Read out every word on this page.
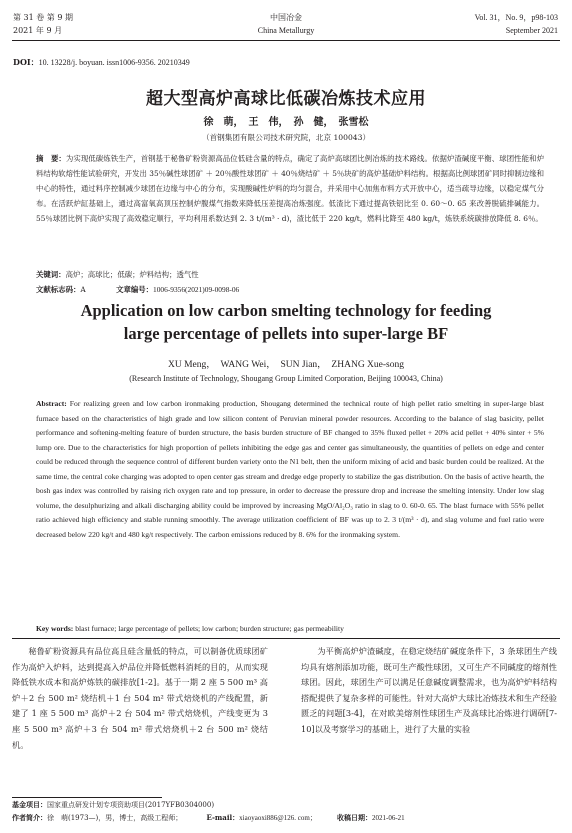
第 31 卷 第 9 期
2021 年 9 月
中国冶金
China Metallurgy
Vol. 31，No. 9，p98-103
September 2021
DOI：10. 13228/j. boyuan. issn1006-9356. 20210349
超大型高炉高球比低碳冶炼技术应用
徐　萌，　王　伟，　孙　健，　张雪松
（首钢集团有限公司技术研究院，北京 100043）
摘　要：为实现低碳炼铁生产，首钢基于秘鲁矿粉资源高品位低硅含量的特点，确定了高炉高球团比例冶炼的技术路线。依据炉渣碱度平衡、球团性能和炉料结构软熔性能试验研究，开发出 35％碱性球团矿 ＋ 20％酸性球团矿 ＋ 40％烧结矿 ＋ 5％块矿的高炉基础炉料结构。根据高比例球团矿同时抑制边缘和中心的特性，通过料序控制减少球团在边缘与中心的分布，实现酸碱性炉料的均匀混合，并采用中心加焦布料方式开放中心，适当疏导边缘，以稳定煤气分布。在活跃炉缸基础上，通过高富氧高顶压控制炉腹煤气指数来降低压差提高冶炼强度。低渣比下通过提高铁铝比至 0. 60～0. 65 来改善脱硫排碱能力。55％球团比例下高炉实现了高效稳定顺行，平均利用系数达到 2. 3 t/(m³ · d)，渣比低于 220 kg/t，燃料比降至 480 kg/t，炼铁系统碳排放降低 8. 6％。
关键词：高炉；高球比；低碳；炉料结构；透气性
文献标志码：A	文章编号：1006-9356(2021)09-0098-06
Application on low carbon smelting technology for feeding
large percentage of pellets into super-large BF
XU Meng，　WANG Wei，　SUN Jian，　ZHANG Xue-song
(Research Institute of Technology, Shougang Group Limited Corporation, Beijing 100043, China)
Abstract: For realizing green and low carbon ironmaking production, Shougang determined the technical route of high pellet ratio smelting in super-large blast furnace based on the characteristics of high grade and low silicon content of Peruvian mineral powder resources. According to the balance of slag basicity, pellet performance and softening-melting feature of burden structure, the basis burden structure of BF changed to 35% fluxed pellet + 20% acid pellet + 40% sinter + 5% lump ore. Due to the characteristics for high proportion of pellets inhibiting the edge gas and center gas simultaneously, the quantities of pellets on edge and center could be reduced through the sequence control of different burden variety onto the N1 belt, then the uniform mixing of acid and basic burden could be realized. At the same time, the central coke charging was adopted to open center gas stream and dredge edge properly to stabilize the gas distribution. On the basis of active hearth, the bosh gas index was controlled by raising rich oxygen rate and top pressure, in order to decrease the pressure drop and increase the smelting intensity. Under low slag volume, the desulphurizing and alkali discharging ability could be improved by increasing MgO/Al₂O₃ ratio in slag to 0. 60-0. 65. The blast furnace with 55% pellet ratio achieved high efficiency and stable running smoothly. The average utilization coefficient of BF was up to 2. 3 t/(m³ · d), and slag volume and fuel ratio were decreased below 220 kg/t and 480 kg/t respectively. The carbon emissions reduced by 8. 6% for the ironmaking system.
Key words: blast furnace; large percentage of pellets; low carbon; burden structure; gas permeability
秘鲁矿粉资源具有品位高且硅含量低的特点，可以制备优质球团矿作为高炉入炉料，达到提高入炉品位并降低燃料消耗的目的，从而实现降低铁水成本和高炉炼铁的碳排放[1-2]。基于一期 2 座 5 500 m³ 高炉＋2 台 500 m² 烧结机＋1 台 504 m² 带式焙烧机的产线配置，新建了 1 座 5 500 m³ 高炉＋2 台 504 m² 带式焙烧机，产线变更为 3 座 5 500 m³ 高炉＋3 台 504 m² 带式焙烧机＋2 台 500 m² 烧结机。
为平衡高炉炉渣碱度，在稳定烧结矿碱度条件下，3 条球团生产线均具有熔剂添加功能，既可生产酸性球团，又可生产不同碱度的熔剂性球团。因此，球团生产可以满足任意碱度调整需求，也为高炉炉料结构搭配提供了复杂多样的可能性。针对大高炉大球比冶炼技术和生产经验匮乏的问题[3-4]，在对欧美熔剂性球团生产及高球比冶炼进行调研[7-10]以及考察学习的基础上，进行了大量的实验
基金项目：国家重点研发计划专项资助项目(2017YFB0304000)
作者简介：徐　萌(1973—)，男，博士，高级工程师；	E-mail：xiaoyaoxi886@126. com；	收稿日期：2021-06-21
